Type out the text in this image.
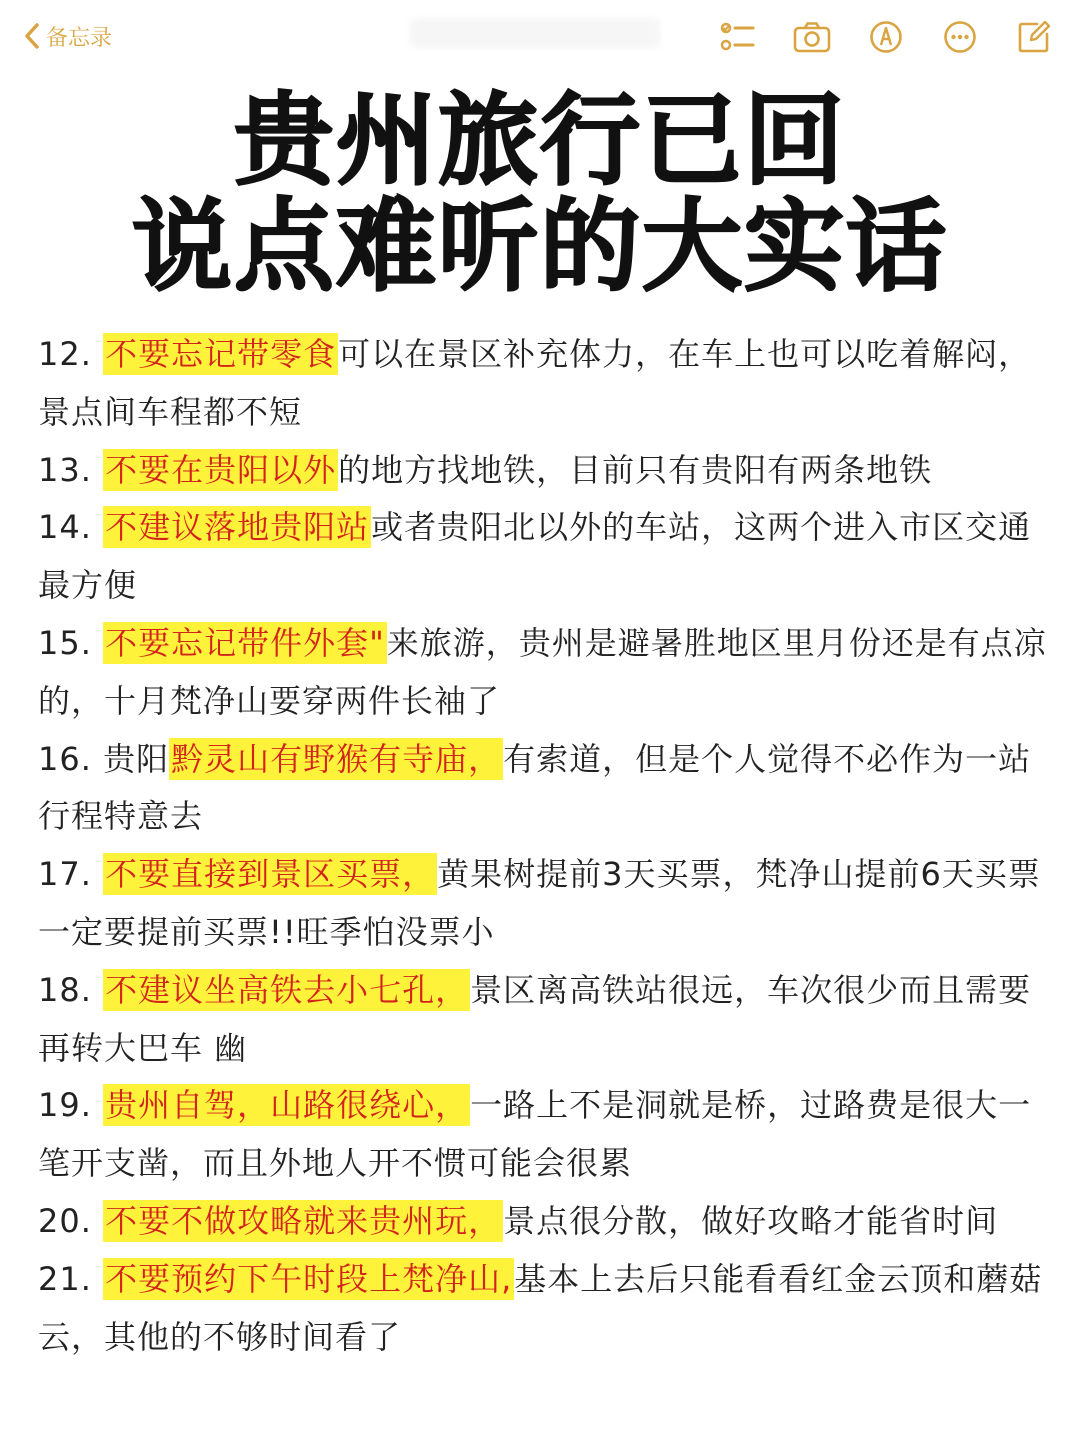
备忘录
贵州旅行已回
说点难听的大实话

12. 不要忘记带零食可以在景区补充体力，在车上也可以吃着解闷，景点间车程都不短

13. 不要在贵阳以外的地方找地铁，目前只有贵阳有两条地铁

14. 不建议落地贵阳站或者贵阳北以外的车站，这两个进入市区交通最方便

15. 不要忘记带件外套"来旅游，贵州是避暑胜地区里月份还是有点凉的，十月梵净山要穿两件长袖了

16. 贵阳黔灵山有野猴有寺庙，有索道，但是个人觉得不必作为一站行程特意去

17. 不要直接到景区买票，黄果树提前3天买票，梵净山提前6天买票一定要提前买票!!旺季怕没票小

18. 不建议坐高铁去小七孔，景区离高铁站很远，车次很少而且需要再转大巴车 幽

19. 贵州自驾，山路很绕心，一路上不是洞就是桥，过路费是很大一笔开支凿，而且外地人开不惯可能会很累

20. 不要不做攻略就来贵州玩，景点很分散，做好攻略才能省时间

21. 不要预约下午时段上梵净山,基本上去后只能看看红金云顶和蘑菇云，其他的不够时间看了
